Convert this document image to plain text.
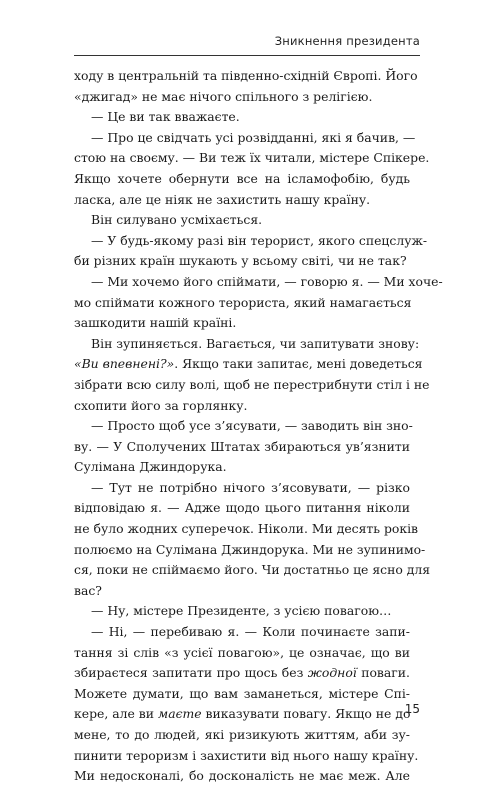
Зникнення президента
ходу в центральній та південно-східній Європі. Його
«джигад» не має нічого спільного з релігією.
— Це ви так вважаєте.
— Про це свідчать усі розвідданні, які я бачив, —
стою на своєму. — Ви теж їх читали, містере Спікере.
Якщо хочете обернути все на ісламофобію, будь
ласка, але це ніяк не захистить нашу країну.
Він силувано усміхається.
— У будь-якому разі він терорист, якого спецслуж-
би різних країн шукають у всьому світі, чи не так?
— Ми хочемо його спіймати, — говорю я. — Ми хоче-
мо спіймати кожного терориста, який намагається
зашкодити нашій країні.
Він зупиняється. Вагається, чи запитувати знову:
«Ви впевнені?». Якщо таки запитає, мені доведеться
зібрати всю силу волі, щоб не перестрибнути стіл і не
схопити його за горлянку.
— Просто щоб усе з’ясувати, — заводить він зно-
ву. — У Сполучених Штатах збираються ув’язнити
Сулімана Джиндорука.
— Тут не потрібно нічого з’ясовувати, — різко
відповідаю я. — Адже щодо цього питання ніколи
не було жодних суперечок. Ніколи. Ми десять років
полюємо на Сулімана Джиндорука. Ми не зупинимо-
ся, поки не спіймаємо його. Чи достатньо це ясно для
вас?
— Ну, містере Президенте, з усією повагою…
— Ні, — перебиваю я. — Коли починаєте запи-
тання зі слів «з усієї повагою», це означає, що ви
збираєтеся запитати про щось без жодної поваги.
Можете думати, що вам заманеться, містере Спі-
кере, але ви маєте виказувати повагу. Якщо не до
мене, то до людей, які ризикують життям, аби зу-
пинити тероризм і захистити від нього нашу країну.
Ми недосконалі, бо досконалість не має меж. Але
15
